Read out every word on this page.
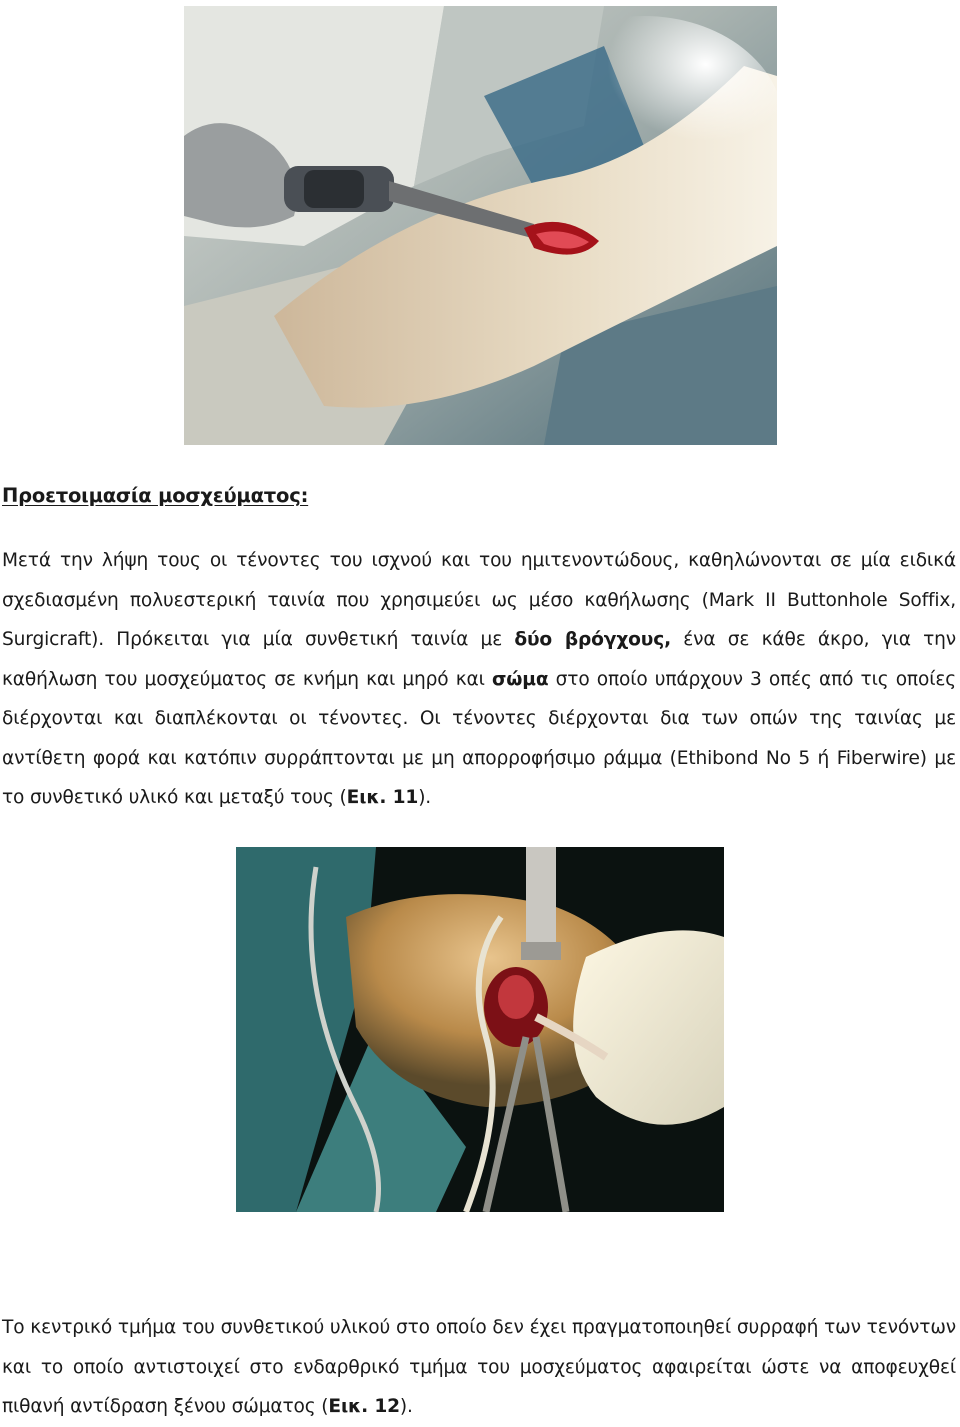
Προετοιμασία μοσχεύματος:

Μετά την λήψη τους οι τένοντες του ισχνού και του ημιτενοντώδους, καθηλώνονται σε μία ειδικά σχεδιασμένη πολυεστερική ταινία που χρησιμεύει ως μέσο καθήλωσης (Mark II Buttonhole Soffix, Surgicraft). Πρόκειται για μία συνθετική ταινία με δύο βρόγχους, ένα σε κάθε άκρο, για την καθήλωση του μοσχεύματος σε κνήμη και μηρό και σώμα στο οποίο υπάρχουν 3 οπές από τις οποίες διέρχονται και διαπλέκονται οι τένοντες. Οι τένοντες διέρχονται δια των οπών της ταινίας με αντίθετη φορά και κατόπιν συρράπτονται με μη απορροφήσιμο ράμμα (Ethibond No 5 ή Fiberwire) με το συνθετικό υλικό και μεταξύ τους (Εικ. 11).

Το κεντρικό τμήμα του συνθετικού υλικού στο οποίο δεν έχει πραγματοποιηθεί συρραφή των τενόντων και το οποίο αντιστοιχεί στο ενδαρθρικό τμήμα του μοσχεύματος αφαιρείται ώστε να αποφευχθεί πιθανή αντίδραση ξένου σώματος (Εικ. 12).
